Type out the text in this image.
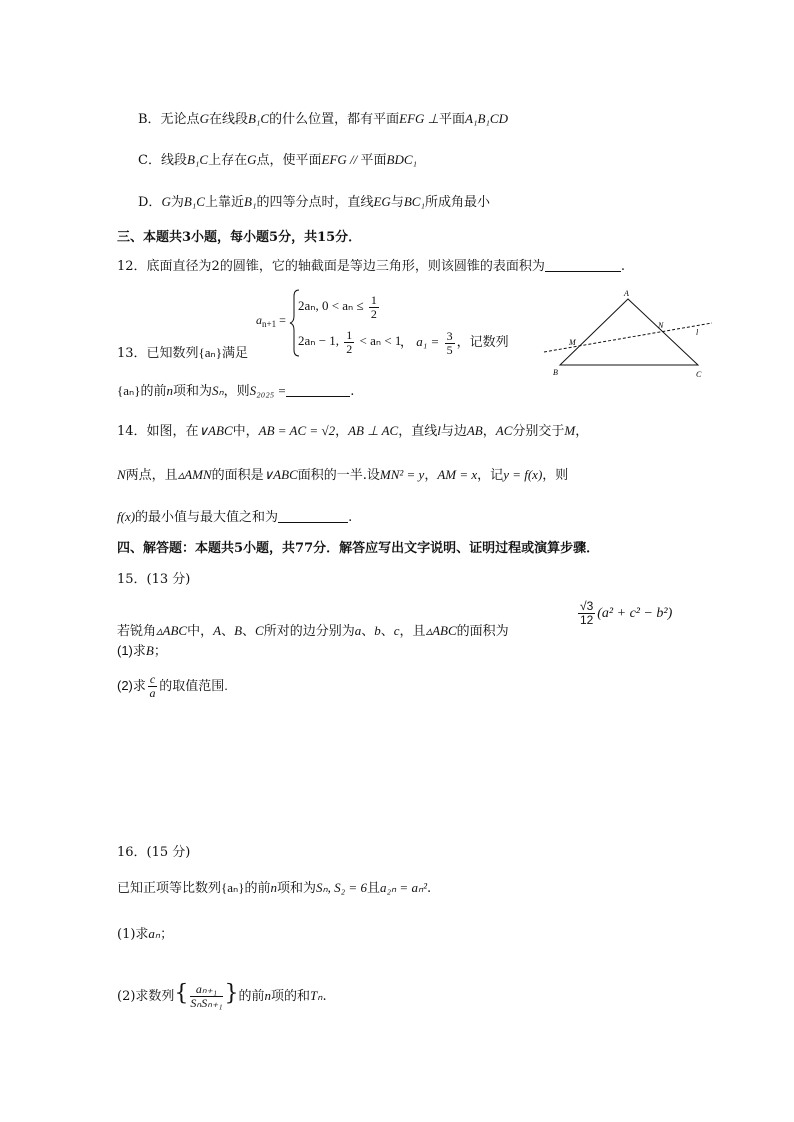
B．无论点G在线段B₁C的什么位置，都有平面EFG ⊥平面A₁B₁CD
C．线段B₁C上存在G点，使平面EFG // 平面BDC₁
D．G为B₁C上靠近B₁的四等分点时，直线EG与BC₁所成角最小
三、本题共3小题，每小题5分，共15分．
12．底面直径为2的圆锥，它的轴截面是等边三角形，则该圆锥的表面积为	.
$a_{n+1}$ =
2aₙ, $0 < a_n \le \frac{1}{2}$
2aₙ − 1, $\frac{1}{2} < a_n < 1$
13．已知数列{aₙ}满足
， $a_1 = \frac{3}{5}$ ，记数列
{aₙ}的前n项和为Sₙ，则S₂₀₂₅ =	.
A
B	C
M
N
l
14．如图，在∨ABC中，AB = AC = √2，AB ⊥ AC，直线l与边AB，AC分别交于M，
N两点，且▵AMN的面积是∨ABC面积的一半.设MN² = y，AM = x，记y = f(x)，则
f(x)的最小值与最大值之和为	.
四、解答题：本题共5小题，共77分．解答应写出文字说明、证明过程或演算步骤．
15．(13 分)
若锐角▵ABC中，A、B、C所对的边分别为a、b、c，且▵ABC的面积为
$\frac{√3}{12} (a^2 + c^2 - b^2)$
(1)求B；
(2)求 $\frac{c}{a}$ 的取值范围.
16．(15 分)
已知正项等比数列{aₙ}的前n项和为Sₙ, S₂ = 6且a₂ₙ = aₙ².
(1)求aₙ；
(2)求数列{ $\frac{\text{aₙ₊₁}}{\text{SₙSₙ₊₁}}$ }的前n项的和Tₙ.
